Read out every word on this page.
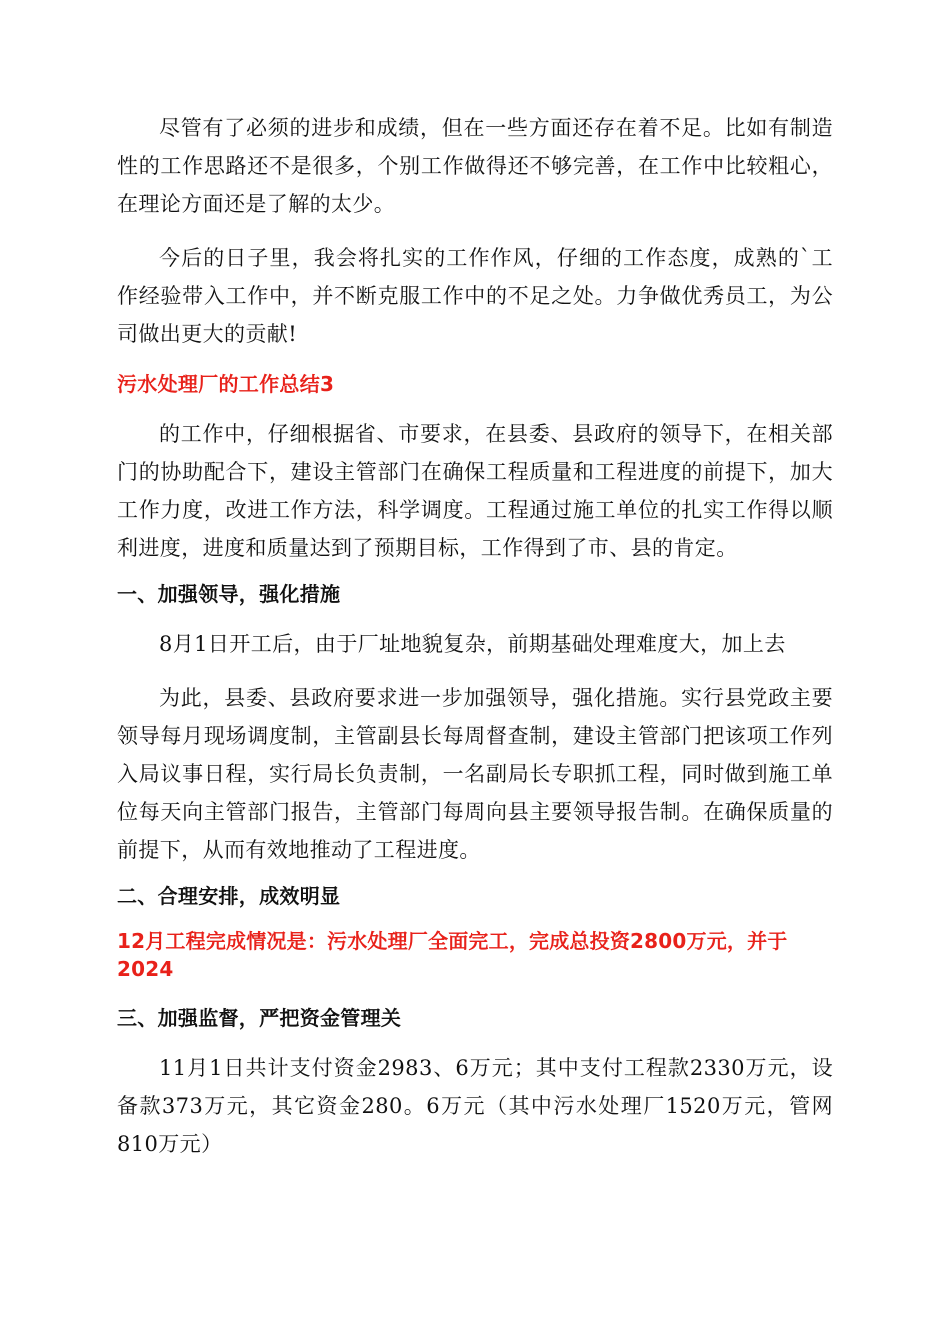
尽管有了必须的进步和成绩，但在一些方面还存在着不足。比如有制造性的工作思路还不是很多，个别工作做得还不够完善，在工作中比较粗心，在理论方面还是了解的太少。

今后的日子里，我会将扎实的工作作风，仔细的工作态度，成熟的`工作经验带入工作中，并不断克服工作中的不足之处。力争做优秀员工，为公司做出更大的贡献!

污水处理厂的工作总结3

的工作中，仔细根据省、市要求，在县委、县政府的领导下，在相关部门的协助配合下，建设主管部门在确保工程质量和工程进度的前提下，加大工作力度，改进工作方法，科学调度。工程通过施工单位的扎实工作得以顺利进度，进度和质量达到了预期目标，工作得到了市、县的肯定。

一、加强领导，强化措施

8月1日开工后，由于厂址地貌复杂，前期基础处理难度大，加上去

为此，县委、县政府要求进一步加强领导，强化措施。实行县党政主要领导每月现场调度制，主管副县长每周督查制，建设主管部门把该项工作列入局议事日程，实行局长负责制，一名副局长专职抓工程，同时做到施工单位每天向主管部门报告，主管部门每周向县主要领导报告制。在确保质量的前提下，从而有效地推动了工程进度。

二、合理安排，成效明显
12月工程完成情况是：污水处理厂全面完工，完成总投资2800万元，并于2024
三、加强监督，严把资金管理关

11月1日共计支付资金2983、6万元；其中支付工程款2330万元，设备款373万元，其它资金280。6万元（其中污水处理厂1520万元，管网810万元）
